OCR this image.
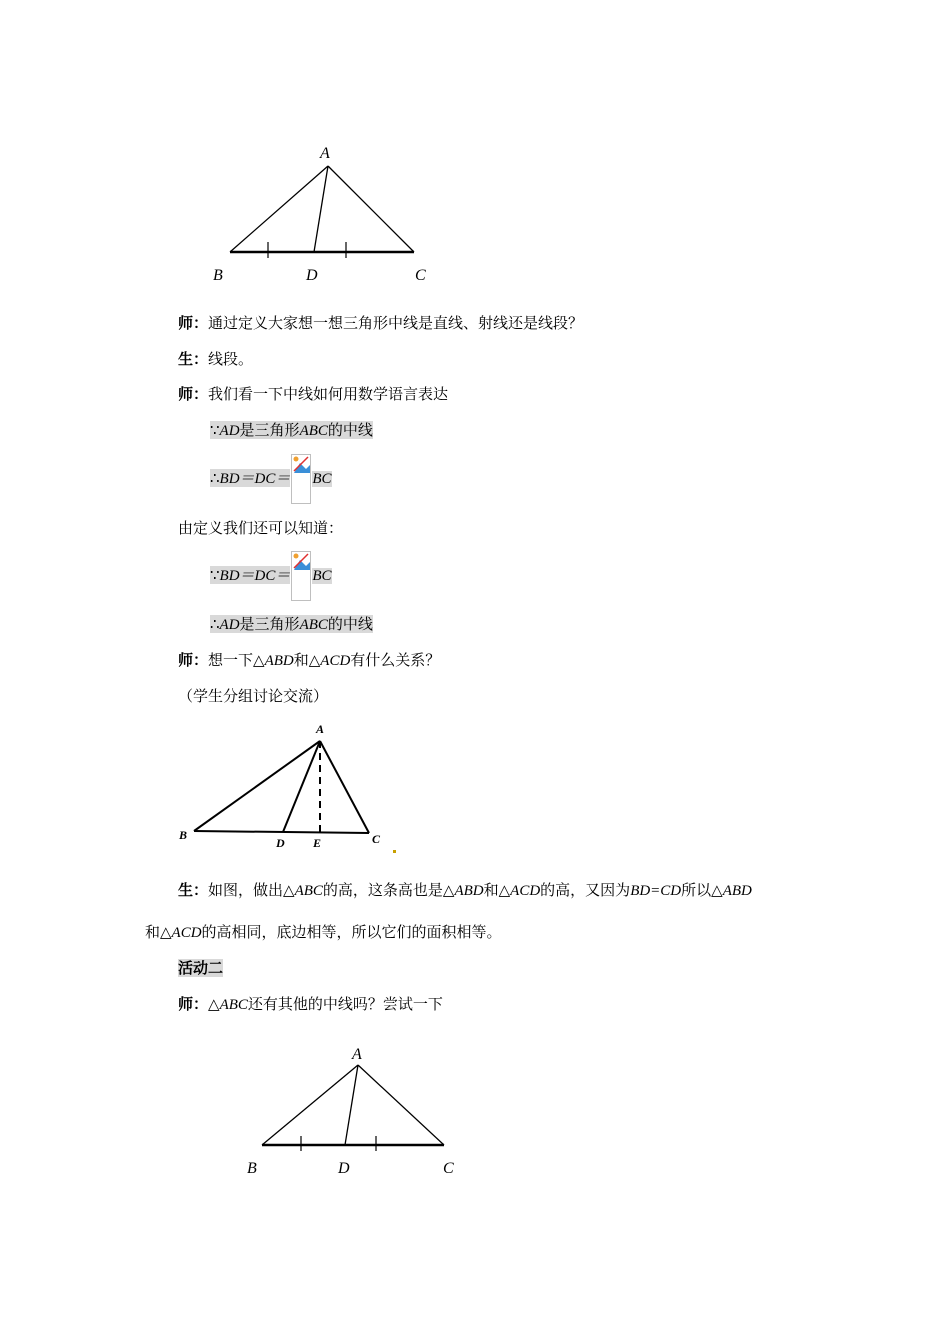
A
B	D	C
师：通过定义大家想一想三角形中线是直线、射线还是线段？
生：线段。
师：我们看一下中线如何用数学语言表达
∵AD是三角形ABC的中线
∴BD＝DC＝ BC
由定义我们还可以知道：
∵BD＝DC＝ BC
∴AD是三角形ABC的中线
师：想一下△ABD和△ACD有什么关系？
（学生分组讨论交流）
A
B
D E	C
生：如图，做出△ABC的高，这条高也是△ABD和△ACD的高，又因为BD=CD所以△ABD
和△ACD的高相同，底边相等，所以它们的面积相等。
活动二
师：△ABC还有其他的中线吗？尝试一下
A
B	D	C
